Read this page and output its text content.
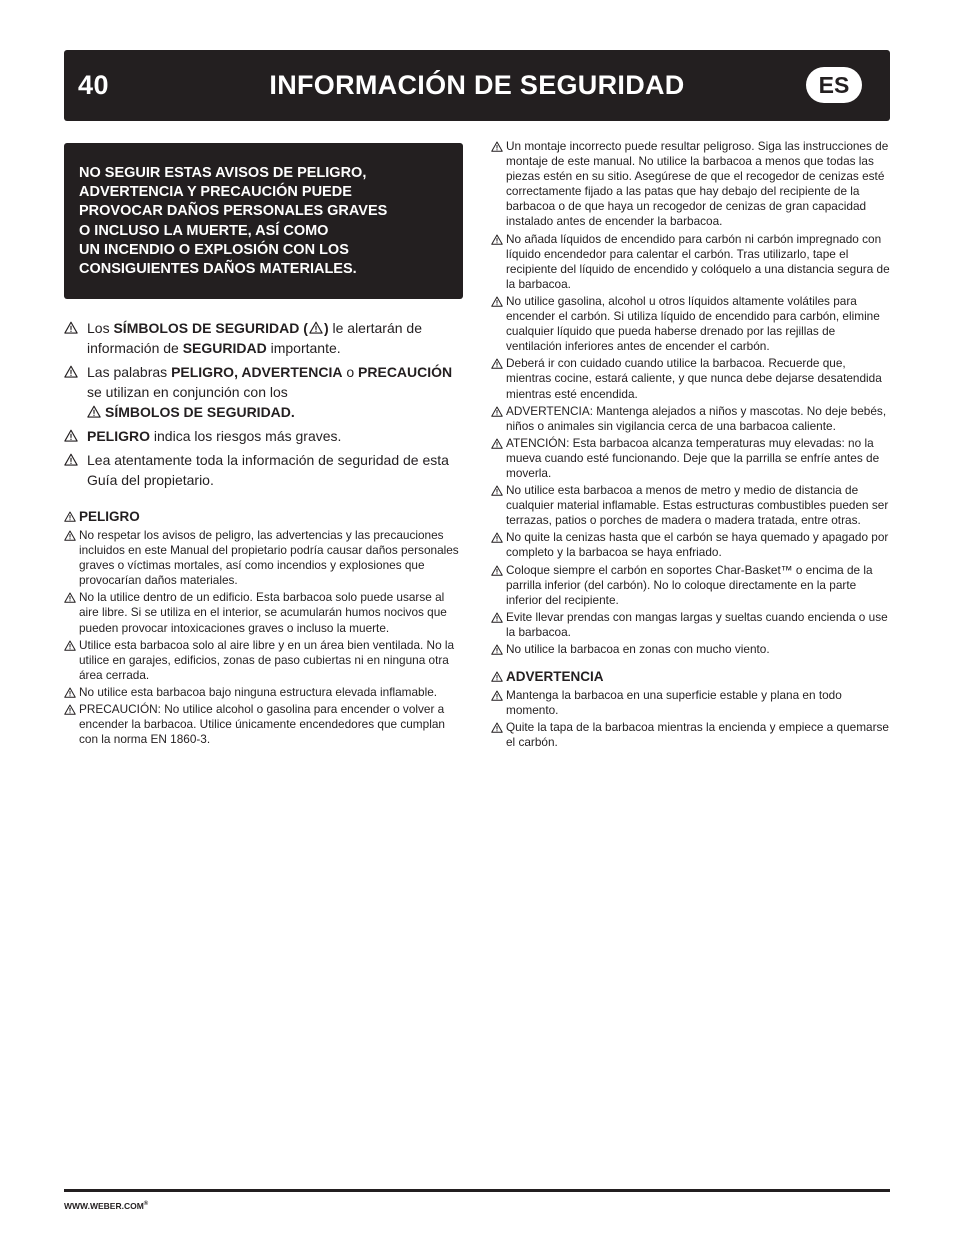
40	INFORMACIÓN DE SEGURIDAD	ES
NO SEGUIR ESTAS AVISOS DE PELIGRO,
ADVERTENCIA Y PRECAUCIÓN PUEDE
PROVOCAR DAÑOS PERSONALES GRAVES
O INCLUSO LA MUERTE, ASÍ COMO
UN INCENDIO O EXPLOSIÓN CON LOS
CONSIGUIENTES DAÑOS MATERIALES.
Los SÍMBOLOS DE SEGURIDAD ( ) le alertarán de información de SEGURIDAD importante.
Las palabras PELIGRO, ADVERTENCIA o PRECAUCIÓN se utilizan en conjunción con los

SÍMBOLOS DE SEGURIDAD.
PELIGRO indica los riesgos más graves.
Lea atentamente toda la información de seguridad de esta Guía del propietario.
PELIGRO
No respetar los avisos de peligro, las advertencias y las precauciones incluidos en este Manual del propietario podría causar daños personales graves o víctimas mortales, así como incendios y explosiones que provocarían daños materiales.
No la utilice dentro de un edificio. Esta barbacoa solo puede usarse al aire libre. Si se utiliza en el interior, se acumularán humos nocivos que pueden provocar intoxicaciones graves o incluso la muerte.
Utilice esta barbacoa solo al aire libre y en un área bien ventilada. No la utilice en garajes, edificios, zonas de paso cubiertas ni en ninguna otra área cerrada.
No utilice esta barbacoa bajo ninguna estructura elevada inflamable.
PRECAUCIÓN: No utilice alcohol o gasolina para encender o volver a encender la barbacoa. Utilice únicamente encendedores que cumplan con la norma EN 1860-3.
Un montaje incorrecto puede resultar peligroso. Siga las instrucciones de montaje de este manual. No utilice la barbacoa a menos que todas las piezas estén en su sitio. Asegúrese de que el recogedor de cenizas esté correctamente fijado a las patas que hay debajo del recipiente de la barbacoa o de que haya un recogedor de cenizas de gran capacidad instalado antes de encender la barbacoa.
No añada líquidos de encendido para carbón ni carbón impregnado con líquido encendedor para calentar el carbón. Tras utilizarlo, tape el recipiente del líquido de encendido y colóquelo a una distancia segura de la barbacoa.
No utilice gasolina, alcohol u otros líquidos altamente volátiles para encender el carbón. Si utiliza líquido de encendido para carbón, elimine cualquier líquido que pueda haberse drenado por las rejillas de ventilación inferiores antes de encender el carbón.
Deberá ir con cuidado cuando utilice la barbacoa. Recuerde que, mientras cocine, estará caliente, y que nunca debe dejarse desatendida mientras esté encendida.
ADVERTENCIA: Mantenga alejados a niños y mascotas. No deje bebés, niños o animales sin vigilancia cerca de una barbacoa caliente.
ATENCIÓN: Esta barbacoa alcanza temperaturas muy elevadas: no la mueva cuando esté funcionando. Deje que la parrilla se enfríe antes de moverla.
No utilice esta barbacoa a menos de metro y medio de distancia de cualquier material inflamable. Estas estructuras combustibles pueden ser terrazas, patios o porches de madera o madera tratada, entre otras.
No quite la cenizas hasta que el carbón se haya quemado y apagado por completo y la barbacoa se haya enfriado.
Coloque siempre el carbón en soportes Char-Basket™ o encima de la parrilla inferior (del carbón). No lo coloque directamente en la parte inferior del recipiente.
Evite llevar prendas con mangas largas y sueltas cuando encienda o use la barbacoa.
No utilice la barbacoa en zonas con mucho viento.
ADVERTENCIA
Mantenga la barbacoa en una superficie estable y plana en todo momento.
Quite la tapa de la barbacoa mientras la encienda y empiece a quemarse el carbón.
WWW.WEBER.COM®
